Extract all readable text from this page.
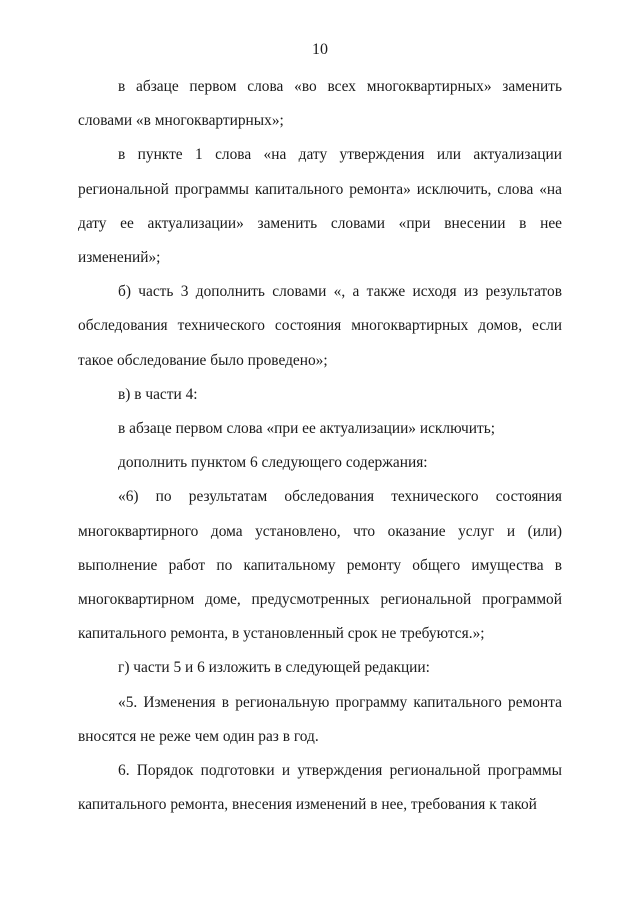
10

в абзаце первом слова «во всех многоквартирных» заменить словами «в многоквартирных»;

в пункте 1 слова «на дату утверждения или актуализации региональной программы капитального ремонта» исключить, слова «на дату ее актуализации» заменить словами «при внесении в нее изменений»;

б) часть 3 дополнить словами «, а также исходя из результатов обследования технического состояния многоквартирных домов, если такое обследование было проведено»;

в) в части 4:

в абзаце первом слова «при ее актуализации» исключить;

дополнить пунктом 6 следующего содержания:

«6) по результатам обследования технического состояния многоквартирного дома установлено, что оказание услуг и (или) выполнение работ по капитальному ремонту общего имущества в многоквартирном доме, предусмотренных региональной программой капитального ремонта, в установленный срок не требуются.»;

г) части 5 и 6 изложить в следующей редакции:

«5. Изменения в региональную программу капитального ремонта вносятся не реже чем один раз в год.

6. Порядок подготовки и утверждения региональной программы капитального ремонта, внесения изменений в нее, требования к такой
